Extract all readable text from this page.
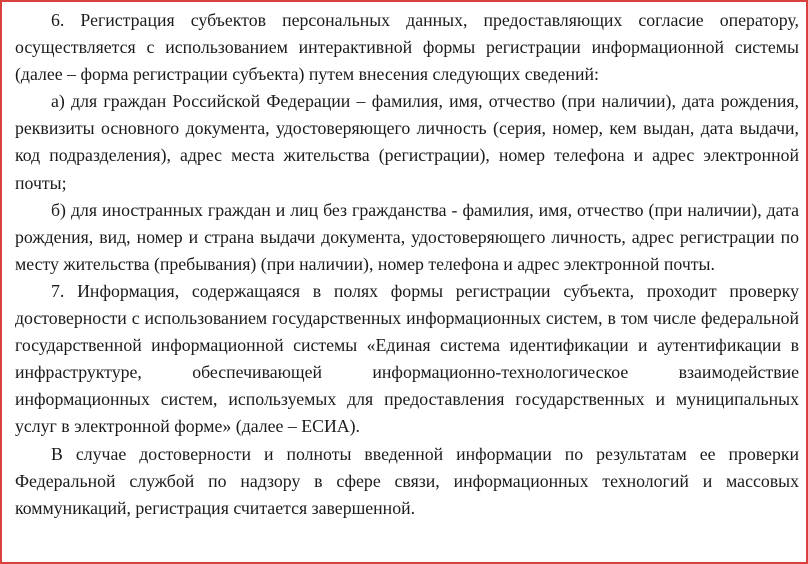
6. Регистрация субъектов персональных данных, предоставляющих согласие оператору, осуществляется с использованием интерактивной формы регистрации информационной системы (далее – форма регистрации субъекта) путем внесения следующих сведений:

а) для граждан Российской Федерации – фамилия, имя, отчество (при наличии), дата рождения, реквизиты основного документа, удостоверяющего личность (серия, номер, кем выдан, дата выдачи, код подразделения), адрес места жительства (регистрации), номер телефона и адрес электронной почты;

б) для иностранных граждан и лиц без гражданства - фамилия, имя, отчество (при наличии), дата рождения, вид, номер и страна выдачи документа, удостоверяющего личность, адрес регистрации по месту жительства (пребывания) (при наличии), номер телефона и адрес электронной почты.

7. Информация, содержащаяся в полях формы регистрации субъекта, проходит проверку достоверности с использованием государственных информационных систем, в том числе федеральной государственной информационной системы «Единая система идентификации и аутентификации в инфраструктуре, обеспечивающей информационно-технологическое взаимодействие информационных систем, используемых для предоставления государственных и муниципальных услуг в электронной форме» (далее – ЕСИА).

В случае достоверности и полноты введенной информации по результатам ее проверки Федеральной службой по надзору в сфере связи, информационных технологий и массовых коммуникаций, регистрация считается завершенной.
